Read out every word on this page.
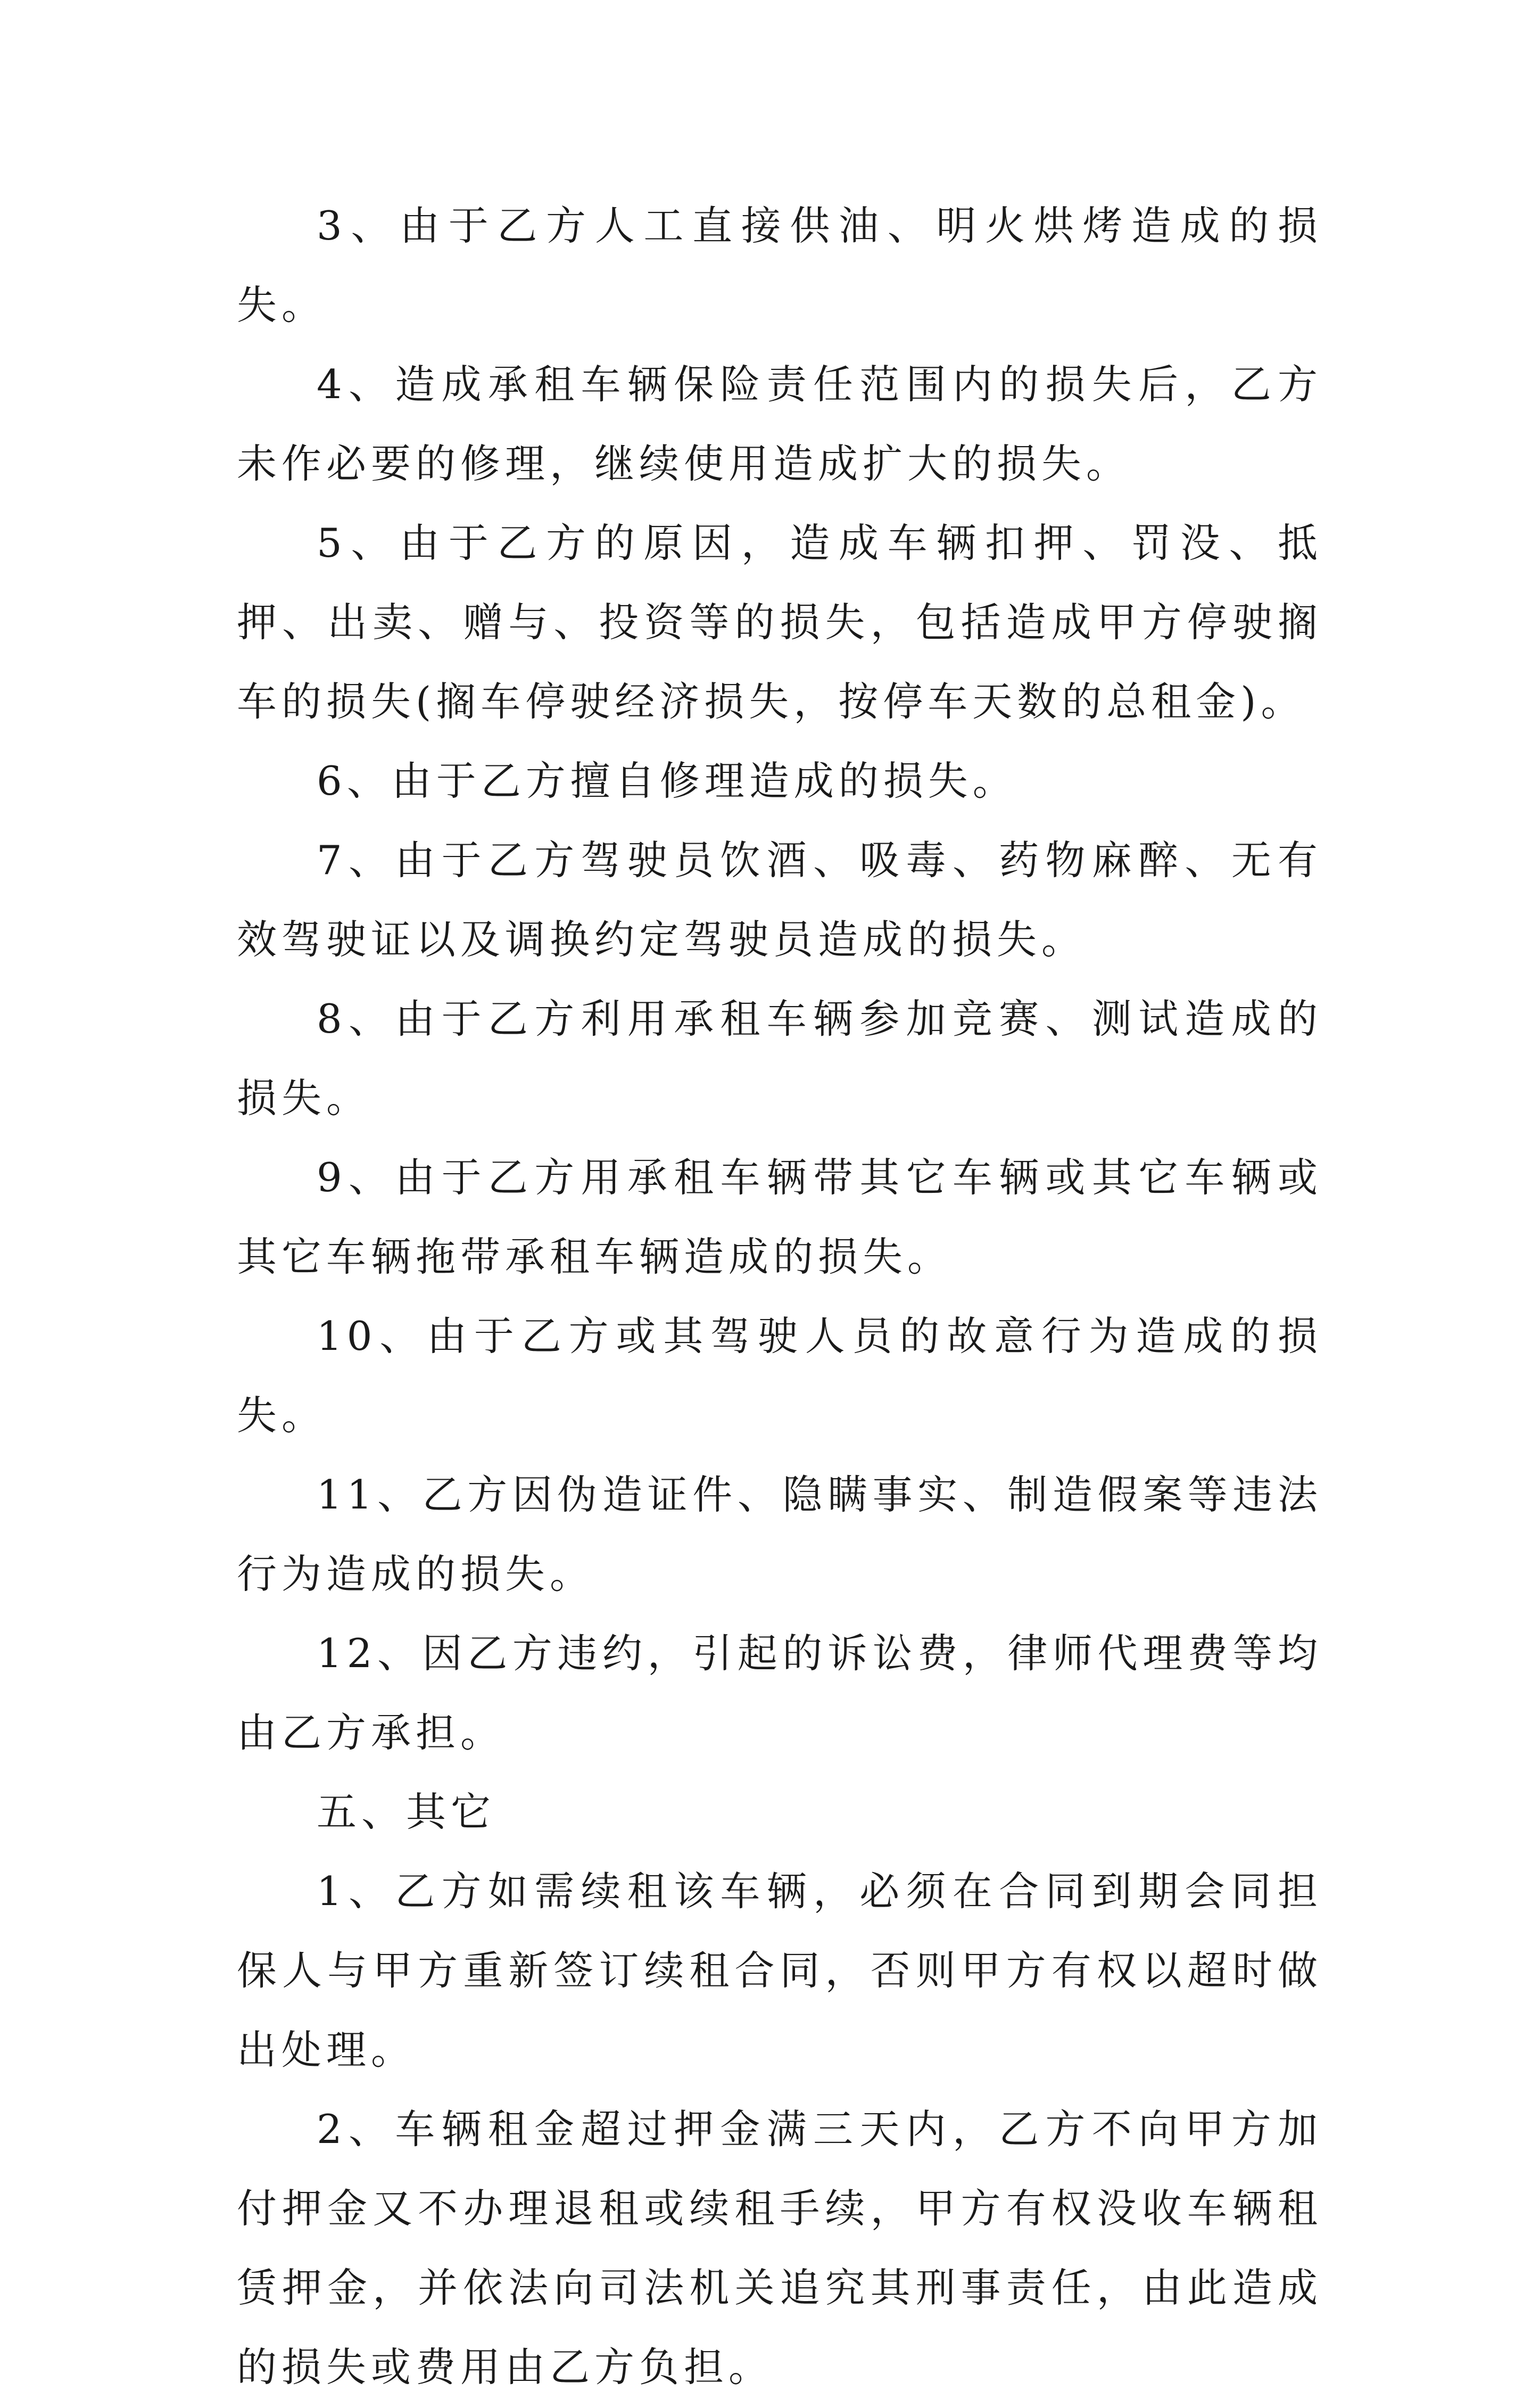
3、由于乙方人工直接供油、明火烘烤造成的损失。

4、造成承租车辆保险责任范围内的损失后，乙方未作必要的修理，继续使用造成扩大的损失。

5、由于乙方的原因，造成车辆扣押、罚没、抵押、出卖、赠与、投资等的损失，包括造成甲方停驶搁车的损失(搁车停驶经济损失，按停车天数的总租金)。

6、由于乙方擅自修理造成的损失。

7、由于乙方驾驶员饮酒、吸毒、药物麻醉、无有效驾驶证以及调换约定驾驶员造成的损失。

8、由于乙方利用承租车辆参加竞赛、测试造成的损失。

9、由于乙方用承租车辆带其它车辆或其它车辆或其它车辆拖带承租车辆造成的损失。

10、由于乙方或其驾驶人员的故意行为造成的损失。

11、乙方因伪造证件、隐瞒事实、制造假案等违法行为造成的损失。

12、因乙方违约，引起的诉讼费，律师代理费等均由乙方承担。

五、其它

1、乙方如需续租该车辆，必须在合同到期会同担保人与甲方重新签订续租合同，否则甲方有权以超时做出处理。

2、车辆租金超过押金满三天内，乙方不向甲方加付押金又不办理退租或续租手续，甲方有权没收车辆租赁押金，并依法向司法机关追究其刑事责任，由此造成的损失或费用由乙方负担。
